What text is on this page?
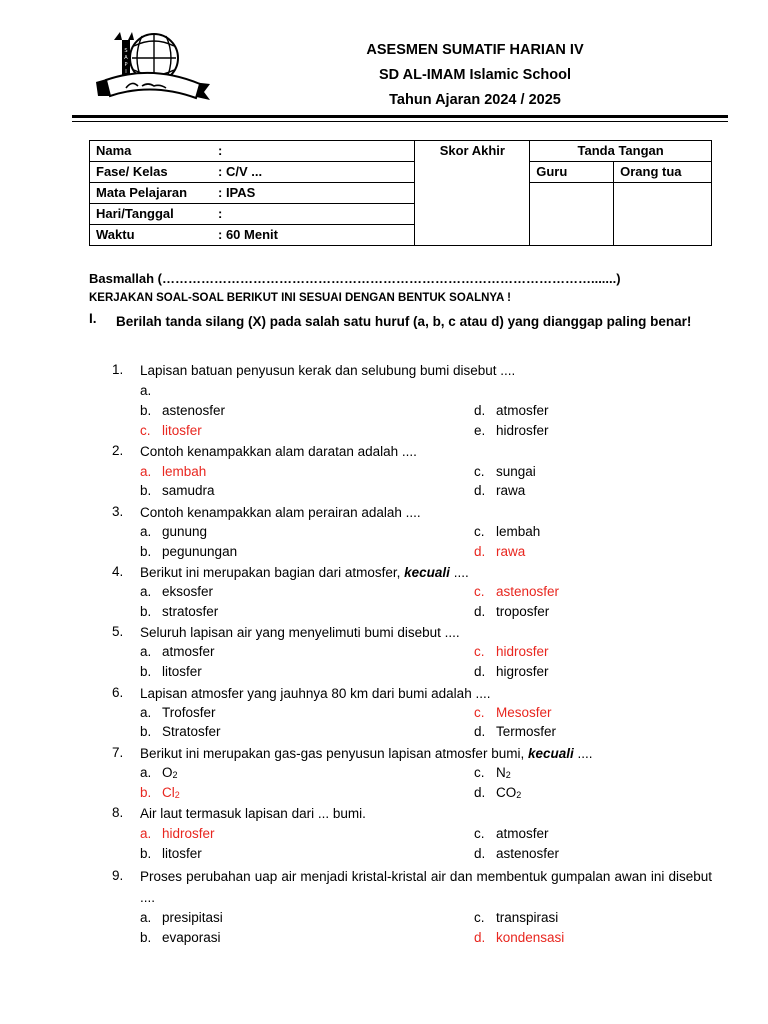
S
A
P
I
ASESMEN SUMATIF HARIAN IV
SD AL-IMAM Islamic School
Tahun Ajaran 2024 / 2025
Nama :	Skor Akhir	Tanda Tangan	
Fase/ Kelas : C/V ...		Guru	Orang tua
Mata Pelajaran : IPAS			
Hari/Tanggal :			
Waktu : 60 Menit			
Basmallah (……………………………………………………………………………………….......)
KERJAKAN SOAL-SOAL BERIKUT INI SESUAI DENGAN BENTUK SOALNYA !
I. Berilah tanda silang (X) pada salah satu huruf (a, b, c atau d) yang dianggap paling benar!
1. Lapisan batuan penyusun kerak dan selubung bumi disebut ....
a.
b. astenosfer	d. atmosfer
c. litosfer	e. hidrosfer
2. Contoh kenampakkan alam daratan adalah ....
a. lembah	c. sungai
b. samudra	d. rawa
3. Contoh kenampakkan alam perairan adalah ....
a. gunung	c. lembah
b. pegunungan	d. rawa
4. Berikut ini merupakan bagian dari atmosfer, kecuali ....
a. eksosfer	c. astenosfer
b. stratosfer	d. troposfer
5. Seluruh lapisan air yang menyelimuti bumi disebut ....
a. atmosfer	c. hidrosfer
b. litosfer	d. higrosfer
6. Lapisan atmosfer yang jauhnya 80 km dari bumi adalah ....
a. Trofosfer	c. Mesosfer
b. Stratosfer	d. Termosfer
7. Berikut ini merupakan gas-gas penyusun lapisan atmosfer bumi, kecuali ....
a. $O_2$	c. $N_2$
b. $Cl_2$	d. $CO_2$
8. Air laut termasuk lapisan dari ... bumi.
a. hidrosfer	c. atmosfer
b. litosfer	d. astenosfer
9. Proses perubahan uap air menjadi kristal-kristal air dan membentuk gumpalan awan ini disebut ....
a. presipitasi	c. transpirasi
b. evaporasi	d. kondensasi
